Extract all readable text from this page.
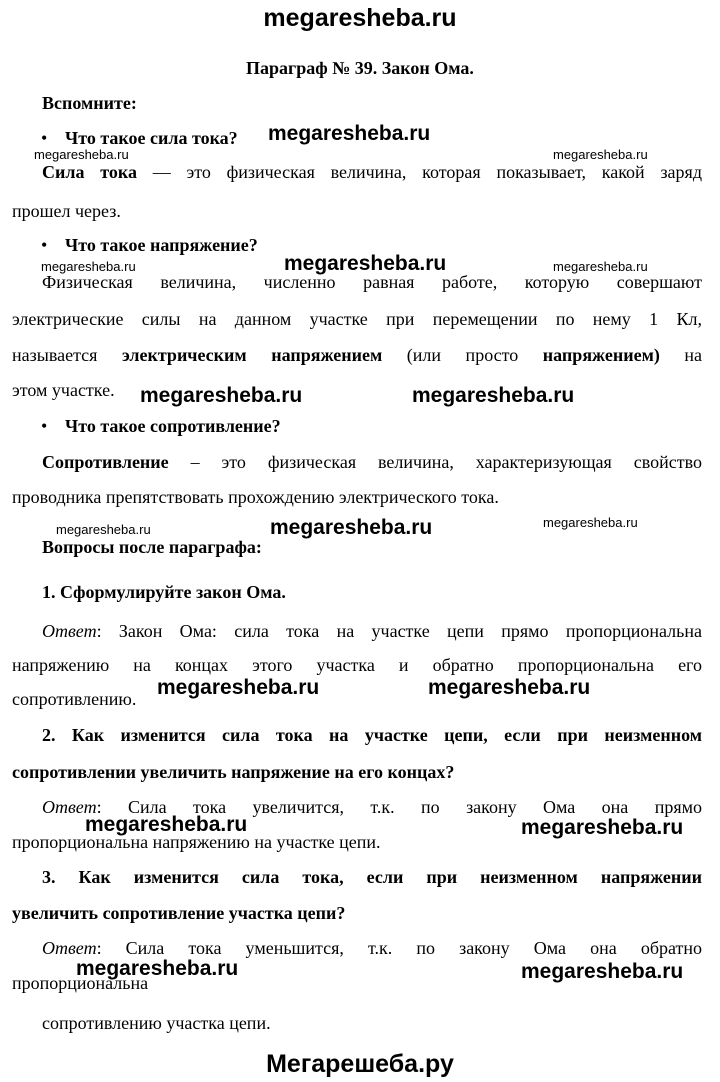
megaresheba.ru
Параграф № 39. Закон Ома.
Вспомните:
• Что такое сила тока?
Сила тока — это физическая величина, которая показывает, какой заряд
прошел через.
• Что такое напряжение?
Физическая величина, численно равная работе, которую совершают
электрические силы на данном участке при перемещении по нему 1 Кл,
называется электрическим напряжением (или просто напряжением) на
этом участке.
• Что такое сопротивление?
Сопротивление – это физическая величина, характеризующая свойство
проводника препятствовать прохождению электрического тока.
Вопросы после параграфа:
1. Сформулируйте закон Ома.
Ответ: Закон Ома: сила тока на участке цепи прямо пропорциональна
напряжению на концах этого участка и обратно пропорциональна его
сопротивлению.
2. Как изменится сила тока на участке цепи, если при неизменном
сопротивлении увеличить напряжение на его концах?
Ответ: Сила тока увеличится, т.к. по закону Ома она прямо
пропорциональна напряжению на участке цепи.
3. Как изменится сила тока, если при неизменном напряжении
увеличить сопротивление участка цепи?
Ответ: Сила тока уменьшится, т.к. по закону Ома она обратно
пропорциональна
сопротивлению участка цепи.
megaresheba.ru
megaresheba.ru
megaresheba.ru	megaresheba.ru
megaresheba.ru
megaresheba.ru	megaresheba.ru
megaresheba.ru	megaresheba.ru
megaresheba.ru	megaresheba.ru
megaresheba.ru	megaresheba.ru
megaresheba.ru	megaresheba.ru
megaresheba.ru	megaresheba.ru
Мегарешеба.ру
